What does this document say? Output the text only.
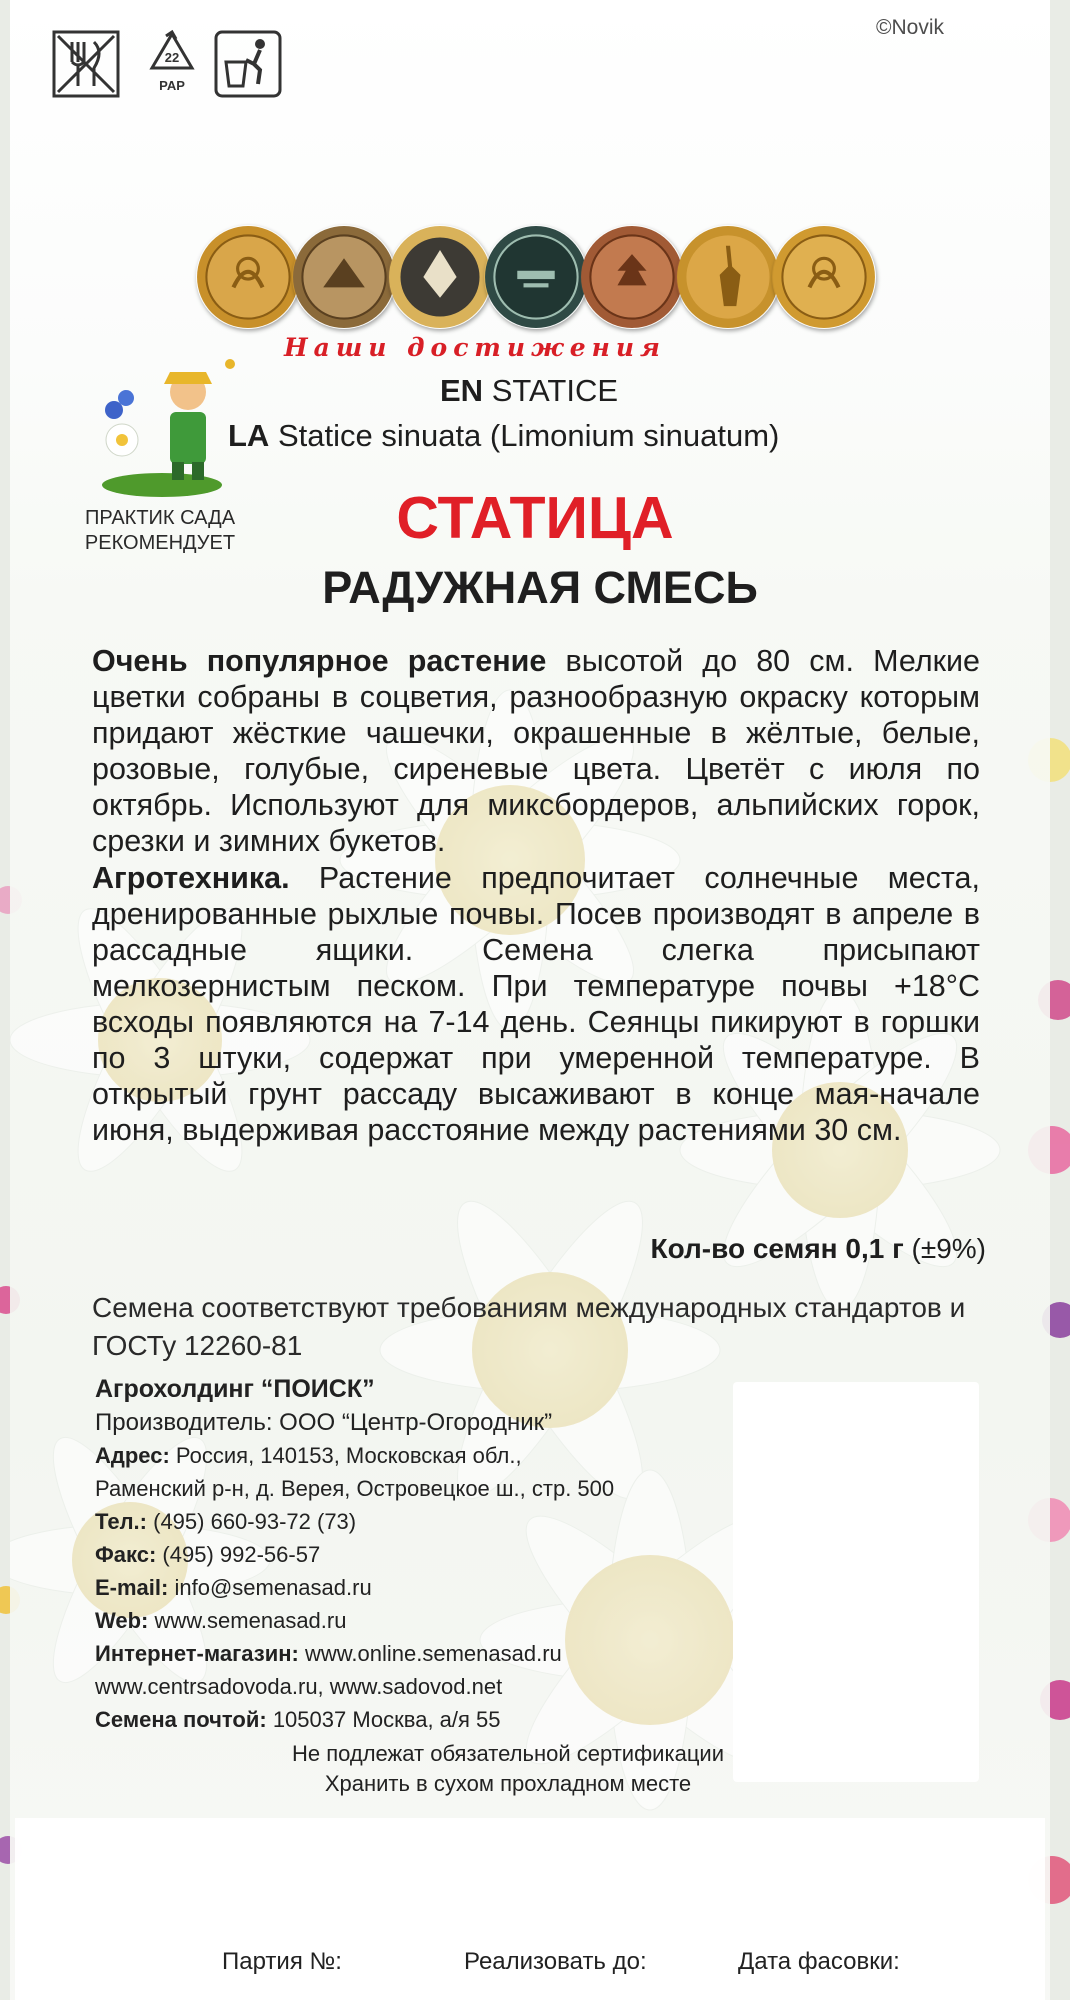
©Novik
22
PAP
Наши достижения
ПРАКТИК САДА
РЕКОМЕНДУЕТ
EN STATICE
LA Statice sinuata (Limonium sinuatum)
СТАТИЦА
РАДУЖНАЯ СМЕСЬ
Очень популярное растение высотой до 80 см. Мелкие цветки собраны в соцветия, разнообразную окраску которым придают жёсткие чашечки, окрашенные в жёлтые, белые, розовые, голубые, сиреневые цвета. Цветёт с июля по октябрь. Используют для миксбордеров, альпийских горок, срезки и зимних букетов.
Агротехника. Растение предпочитает солнечные места, дренированные рыхлые почвы. Посев производят в апреле в рассадные ящики. Семена слегка присыпают мелкозернистым песком. При температуре почвы +18°С всходы появляются на 7-14 день. Сеянцы пикируют в горшки по 3 штуки, содержат при умеренной температуре. В открытый грунт рассаду высаживают в конце мая-начале июня, выдерживая расстояние между растениями 30 см.
Кол-во семян 0,1 г (±9%)
Семена соответствуют требованиям международных стандартов и ГОСТу 12260-81
Агрохолдинг “ПОИСК”
Производитель: ООО “Центр-Огородник”
Адрес: Россия, 140153, Московская обл.,
Раменский р-н, д. Верея, Островецкое ш., стр. 500
Тел.: (495) 660-93-72 (73)
Факс: (495) 992-56-57
E-mail: info@semenasad.ru
Web: www.semenasad.ru
Интернет-магазин: www.online.semenasad.ru
www.centrsadovoda.ru, www.sadovod.net
Семена почтой: 105037 Москва, а/я 55
Не подлежат обязательной сертификации
Хранить в сухом прохладном месте
Партия №:	Реализовать до:	Дата фасовки:
